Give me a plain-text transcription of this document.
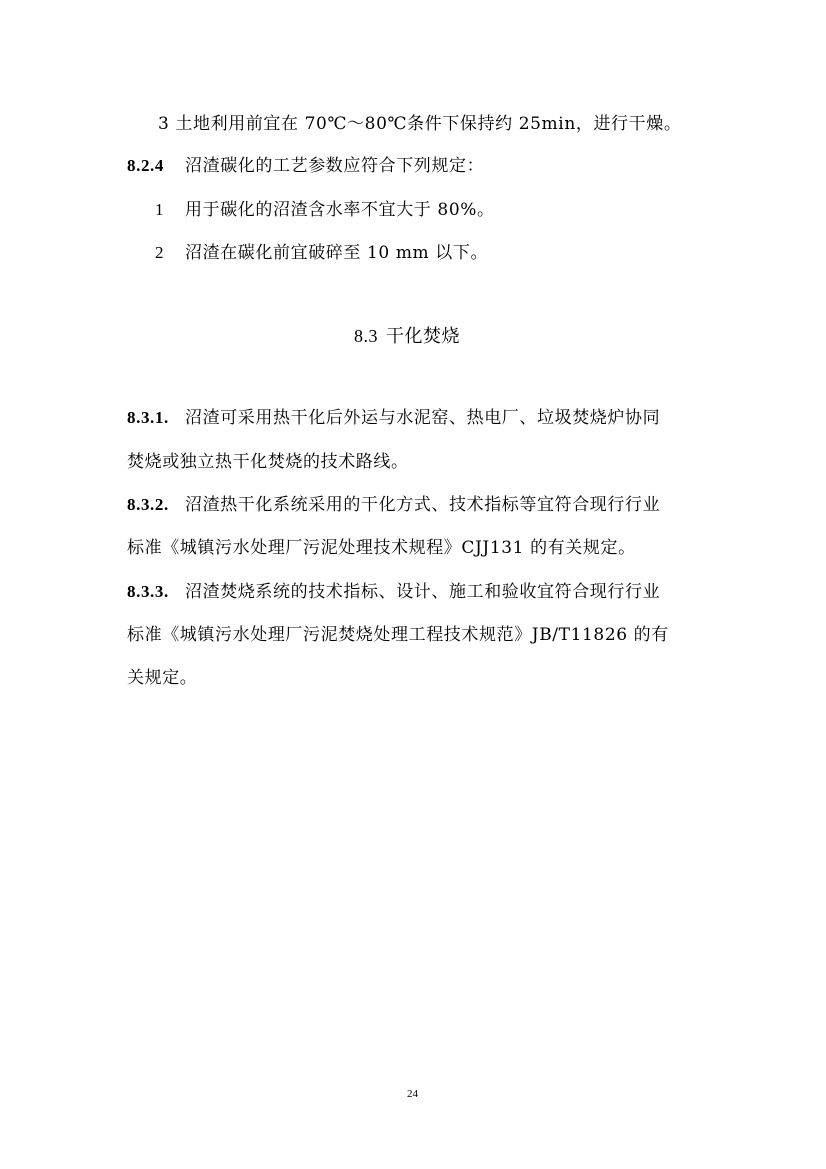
3 土地利用前宜在 70℃～80℃条件下保持约 25min，进行干燥。
8.2.4 沼渣碳化的工艺参数应符合下列规定：
1 用于碳化的沼渣含水率不宜大于 80%。
2 沼渣在碳化前宜破碎至 10 mm 以下。
8.3 干化焚烧
8.3.1. 沼渣可采用热干化后外运与水泥窑、热电厂、垃圾焚烧炉协同
焚烧或独立热干化焚烧的技术路线。
8.3.2. 沼渣热干化系统采用的干化方式、技术指标等宜符合现行行业
标准《城镇污水处理厂污泥处理技术规程》CJJ131 的有关规定。
8.3.3. 沼渣焚烧系统的技术指标、设计、施工和验收宜符合现行行业
标准《城镇污水处理厂污泥焚烧处理工程技术规范》JB/T11826 的有
关规定。
24
